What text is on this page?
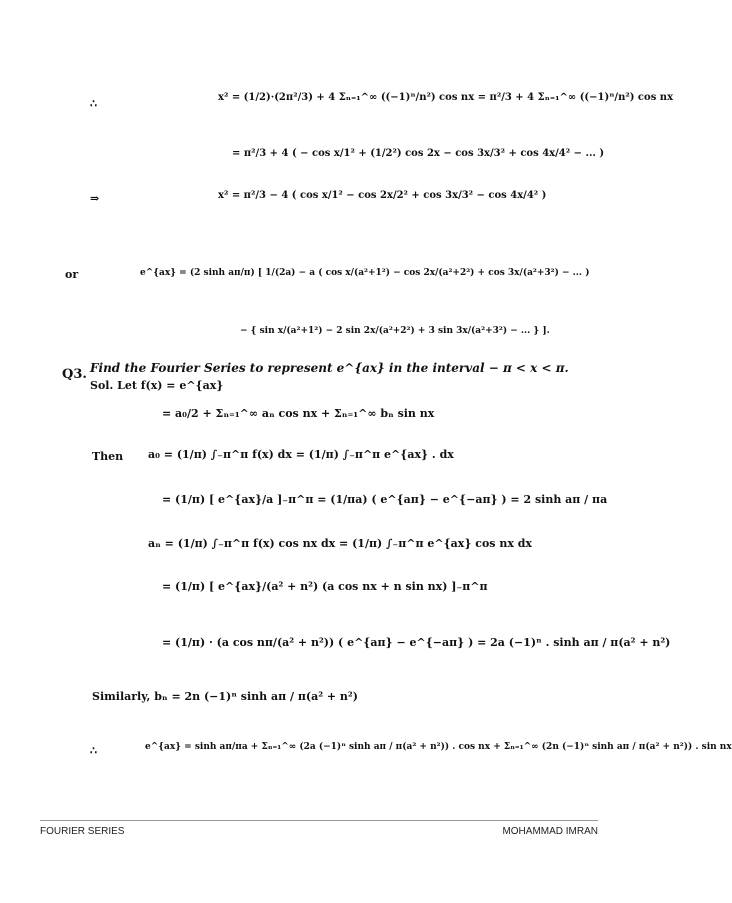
∴	x² = (1/2)·(2π²/3) + 4 Σₙ₌₁^∞ ((−1)ⁿ/n²) cos nx = π²/3 + 4 Σₙ₌₁^∞ ((−1)ⁿ/n²) cos nx
= π²/3 + 4 ( − cos x/1² + (1/2²) cos 2x − cos 3x/3² + cos 4x/4² − ... )
⇒	x² = π²/3 − 4 ( cos x/1² − cos 2x/2² + cos 3x/3² − cos 4x/4² )
or	e^{ax} = (2 sinh aπ/π) [ 1/(2a) − a ( cos x/(a²+1²) − cos 2x/(a²+2²) + cos 3x/(a²+3²) − ... )
− { sin x/(a²+1²) − 2 sin 2x/(a²+2²) + 3 sin 3x/(a²+3²) − ... } ].
Q3. Find the Fourier Series to represent e^{ax} in the interval − π < x < π.
Sol. Let f(x) = e^{ax}
= a₀/2 + Σₙ₌₁^∞ aₙ cos nx + Σₙ₌₁^∞ bₙ sin nx
Then a₀ = (1/π) ∫₋π^π f(x) dx = (1/π) ∫₋π^π e^{ax} . dx
= (1/π) [ e^{ax}/a ]₋π^π = (1/πa) ( e^{aπ} − e^{−aπ} ) = 2 sinh aπ / πa
aₙ = (1/π) ∫₋π^π f(x) cos nx dx = (1/π) ∫₋π^π e^{ax} cos nx dx
= (1/π) [ e^{ax}/(a² + n²) (a cos nx + n sin nx) ]₋π^π
= (1/π) · (a cos nπ/(a² + n²)) ( e^{aπ} − e^{−aπ} ) = 2a (−1)ⁿ . sinh aπ / π(a² + n²)
Similarly, bₙ = 2n (−1)ⁿ sinh aπ / π(a² + n²)
∴	e^{ax} = sinh aπ/πa + Σₙ₌₁^∞ (2a (−1)ⁿ sinh aπ / π(a² + n²)) . cos nx + Σₙ₌₁^∞ (2n (−1)ⁿ sinh aπ / π(a² + n²)) . sin nx
FOURIER SERIES	MOHAMMAD IMRAN
